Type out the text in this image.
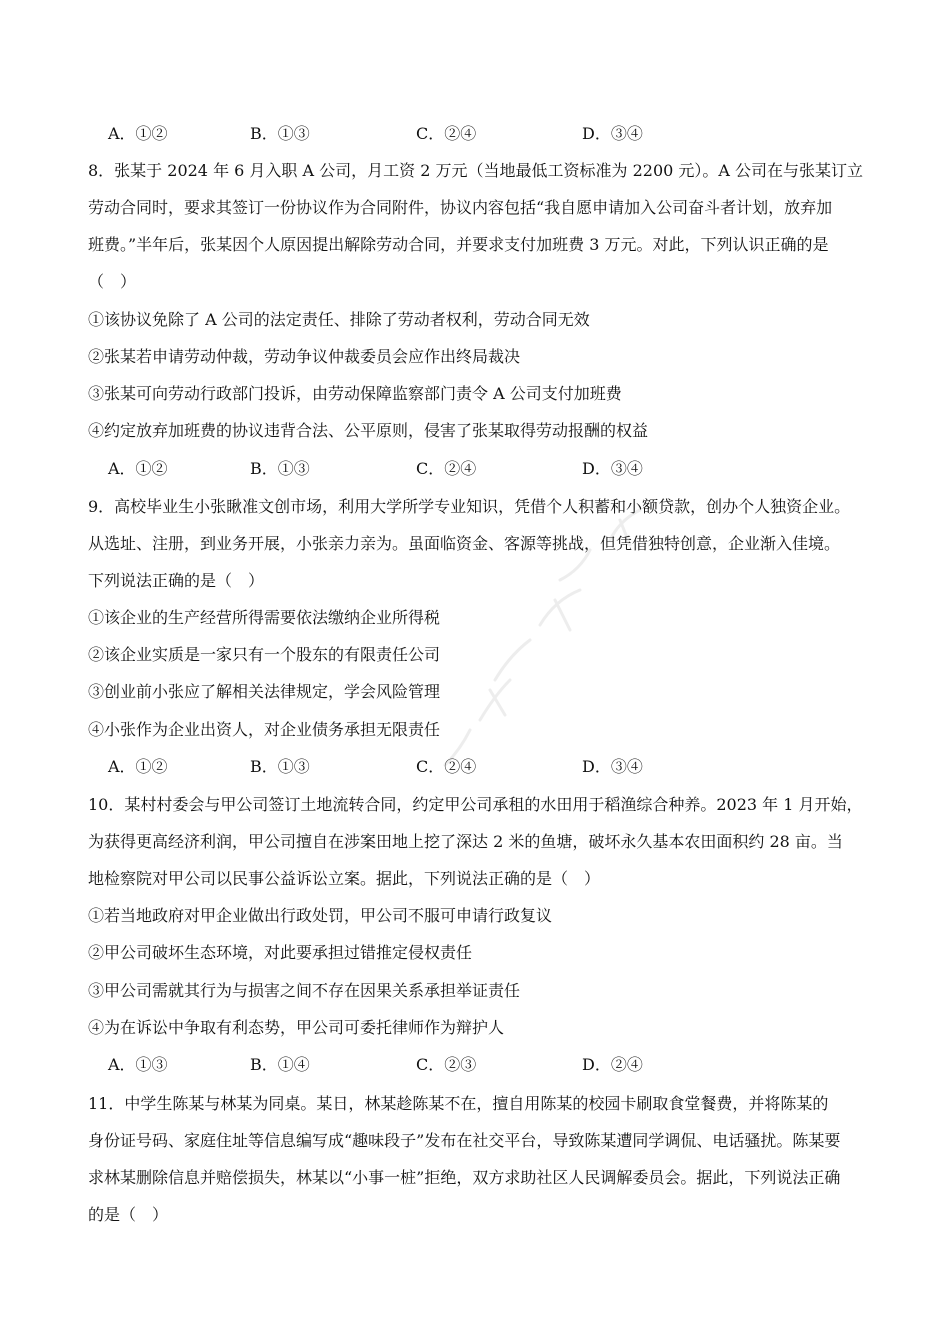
A．①②	B．①③	C．②④	D．③④
8．张某于 2024 年 6 月入职 A 公司，月工资 2 万元（当地最低工资标准为 2200 元）。A 公司在与张某订立
劳动合同时，要求其签订一份协议作为合同附件，协议内容包括“我自愿申请加入公司奋斗者计划，放弃加
班费。”半年后，张某因个人原因提出解除劳动合同，并要求支付加班费 3 万元。对此，下列认识正确的是
（　）
①该协议免除了 A 公司的法定责任、排除了劳动者权利，劳动合同无效
②张某若申请劳动仲裁，劳动争议仲裁委员会应作出终局裁决
③张某可向劳动行政部门投诉，由劳动保障监察部门责令 A 公司支付加班费
④约定放弃加班费的协议违背合法、公平原则，侵害了张某取得劳动报酬的权益
A．①②	B．①③	C．②④	D．③④
9．高校毕业生小张瞅准文创市场，利用大学所学专业知识，凭借个人积蓄和小额贷款，创办个人独资企业。
从选址、注册，到业务开展，小张亲力亲为。虽面临资金、客源等挑战，但凭借独特创意，企业渐入佳境。
下列说法正确的是（　）
①该企业的生产经营所得需要依法缴纳企业所得税
②该企业实质是一家只有一个股东的有限责任公司
③创业前小张应了解相关法律规定，学会风险管理
④小张作为企业出资人，对企业债务承担无限责任
A．①②	B．①③	C．②④	D．③④
10．某村村委会与甲公司签订土地流转合同，约定甲公司承租的水田用于稻渔综合种养。2023 年 1 月开始，
为获得更高经济利润，甲公司擅自在涉案田地上挖了深达 2 米的鱼塘，破坏永久基本农田面积约 28 亩。当
地检察院对甲公司以民事公益诉讼立案。据此，下列说法正确的是（　）
①若当地政府对甲企业做出行政处罚，甲公司不服可申请行政复议
②甲公司破坏生态环境，对此要承担过错推定侵权责任
③甲公司需就其行为与损害之间不存在因果关系承担举证责任
④为在诉讼中争取有利态势，甲公司可委托律师作为辩护人
A．①③	B．①④	C．②③	D．②④
11．中学生陈某与林某为同桌。某日，林某趁陈某不在，擅自用陈某的校园卡刷取食堂餐费，并将陈某的
身份证号码、家庭住址等信息编写成“趣味段子”发布在社交平台，导致陈某遭同学调侃、电话骚扰。陈某要
求林某删除信息并赔偿损失，林某以“小事一桩”拒绝，双方求助社区人民调解委员会。据此，下列说法正确
的是（　）
